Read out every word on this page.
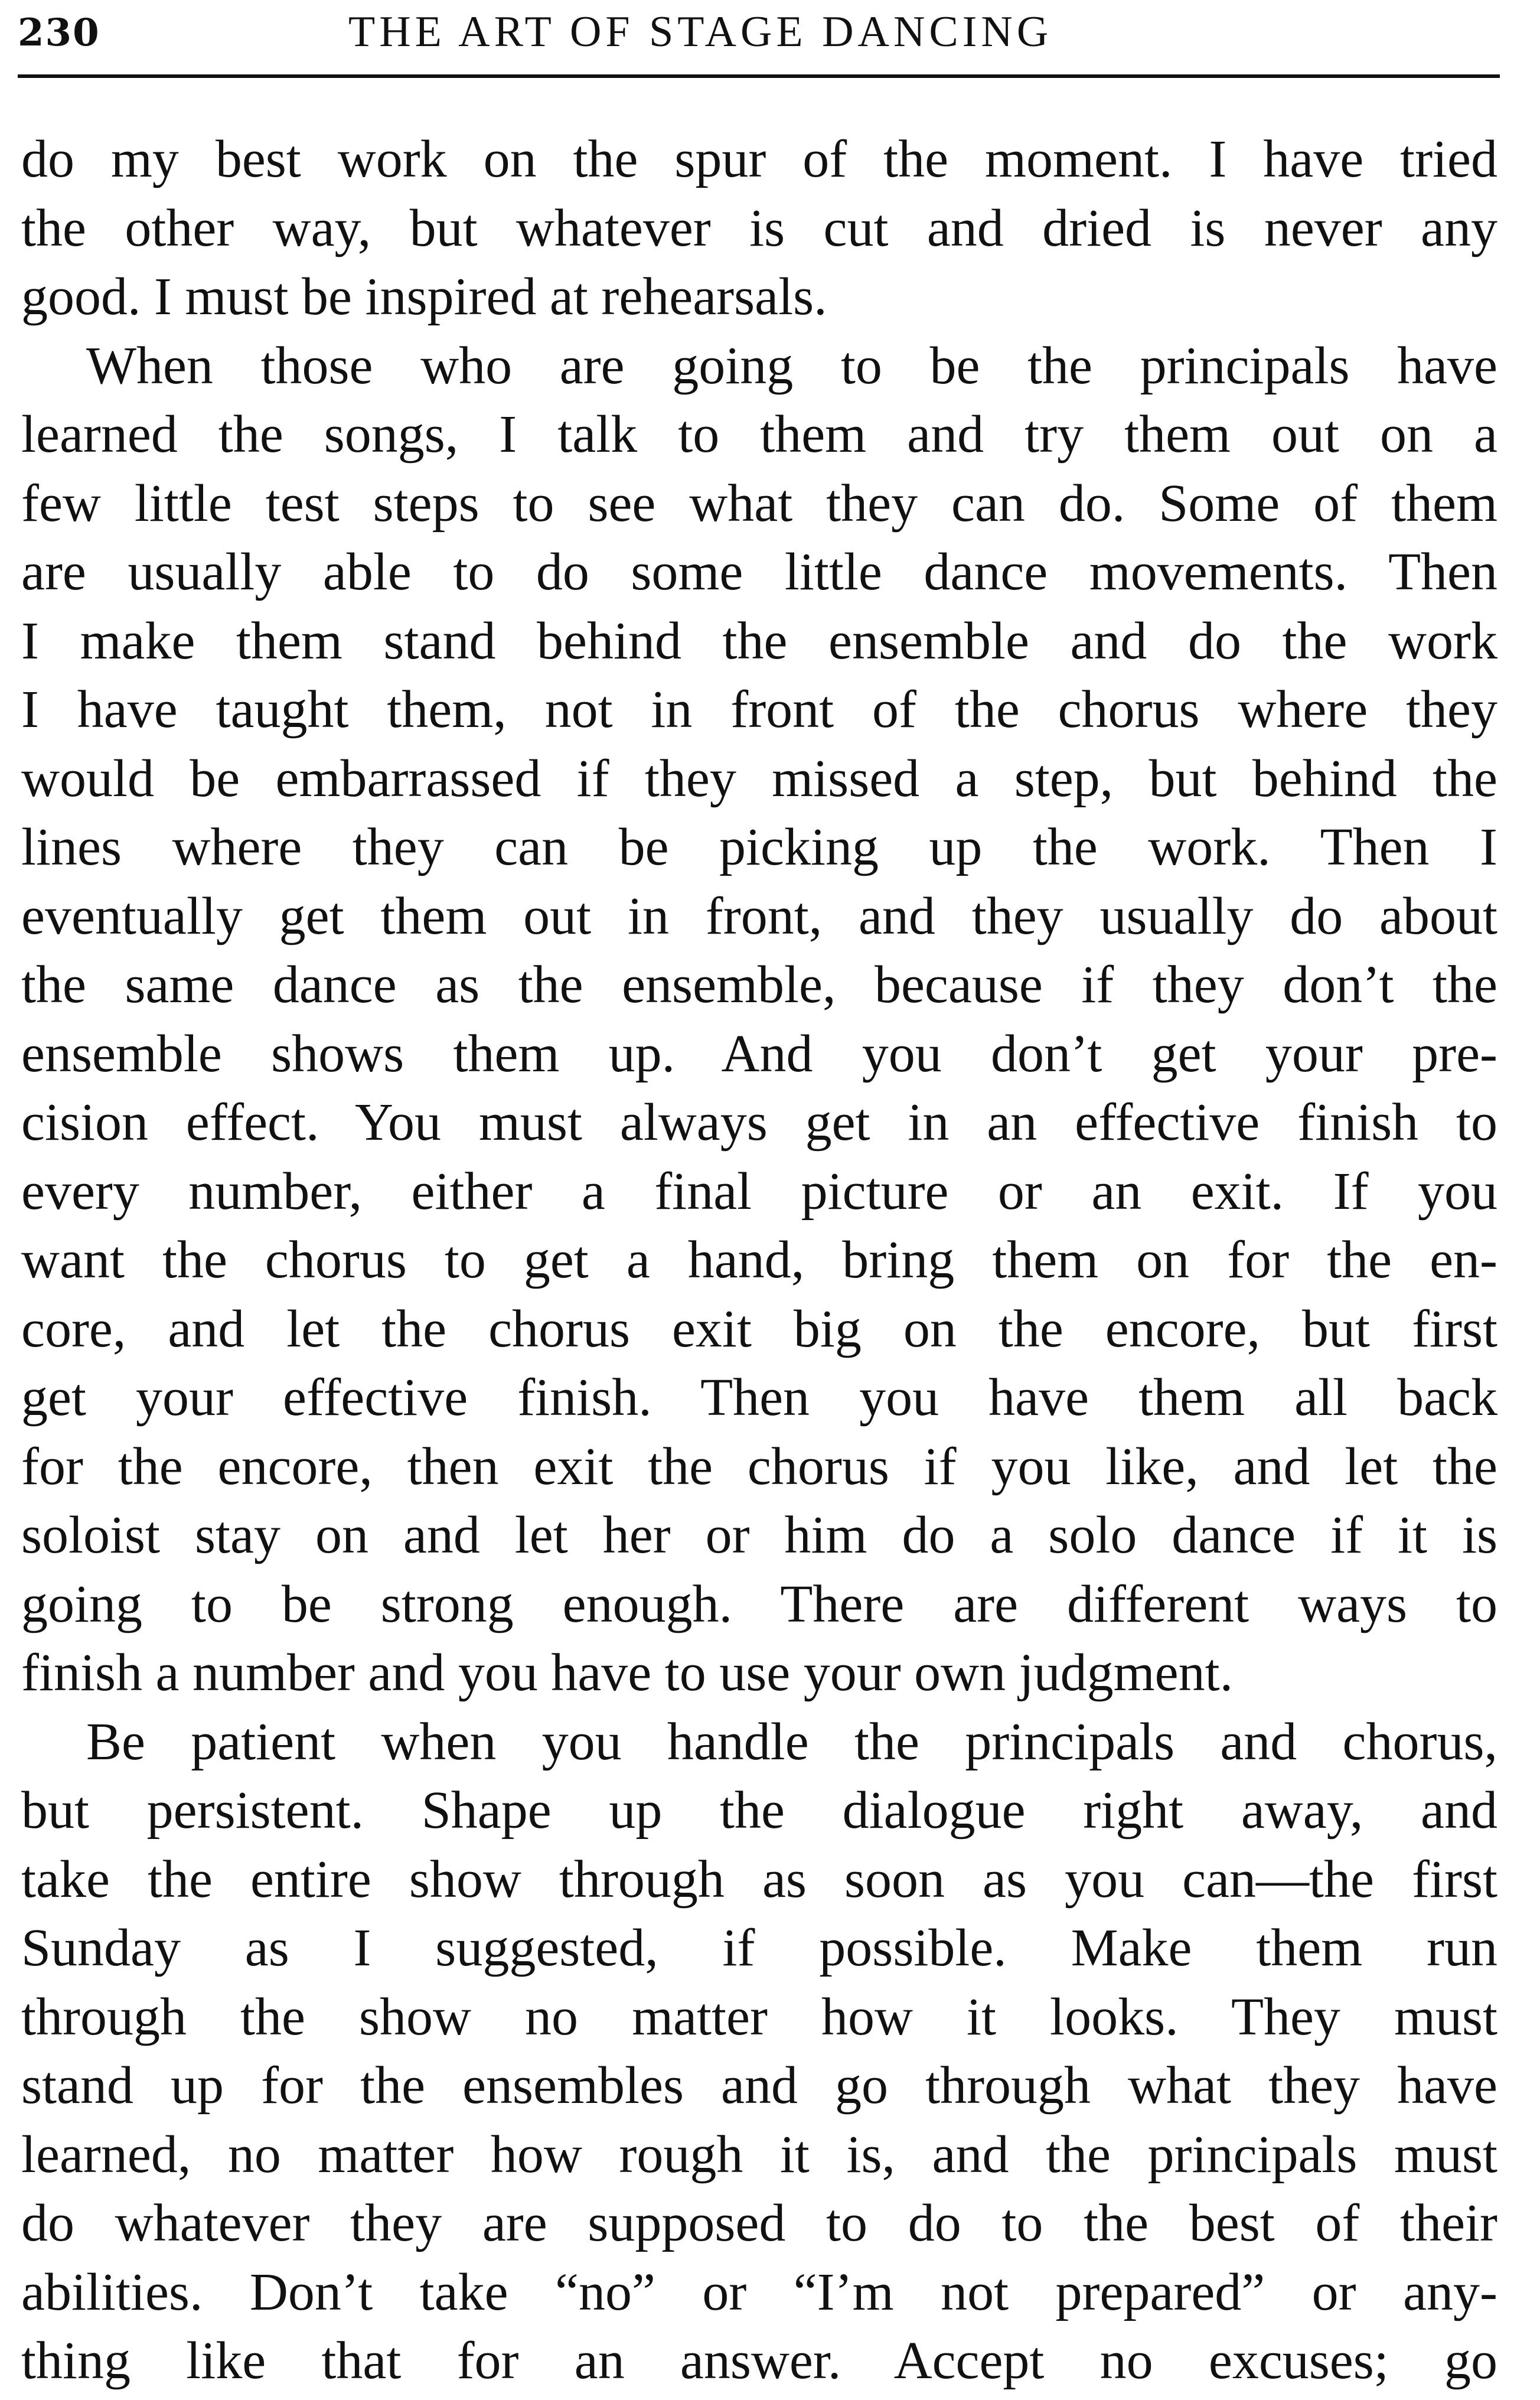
230	THE ART OF STAGE DANCING
do my best work on the spur of the moment. I have tried
the other way, but whatever is cut and dried is never any
good. I must be inspired at rehearsals.
When those who are going to be the principals have
learned the songs, I talk to them and try them out on a
few little test steps to see what they can do. Some of them
are usually able to do some little dance movements. Then
I make them stand behind the ensemble and do the work
I have taught them, not in front of the chorus where they
would be embarrassed if they missed a step, but behind the
lines where they can be picking up the work. Then I
eventually get them out in front, and they usually do about
the same dance as the ensemble, because if they don’t the
ensemble shows them up. And you don’t get your pre-
cision effect. You must always get in an effective finish to
every number, either a final picture or an exit. If you
want the chorus to get a hand, bring them on for the en-
core, and let the chorus exit big on the encore, but first
get your effective finish. Then you have them all back
for the encore, then exit the chorus if you like, and let the
soloist stay on and let her or him do a solo dance if it is
going to be strong enough. There are different ways to
finish a number and you have to use your own judgment.
Be patient when you handle the principals and chorus,
but persistent. Shape up the dialogue right away, and
take the entire show through as soon as you can—the first
Sunday as I suggested, if possible. Make them run
through the show no matter how it looks. They must
stand up for the ensembles and go through what they have
learned, no matter how rough it is, and the principals must
do whatever they are supposed to do to the best of their
abilities. Don’t take “no” or “I’m not prepared” or any-
thing like that for an answer. Accept no excuses; go
